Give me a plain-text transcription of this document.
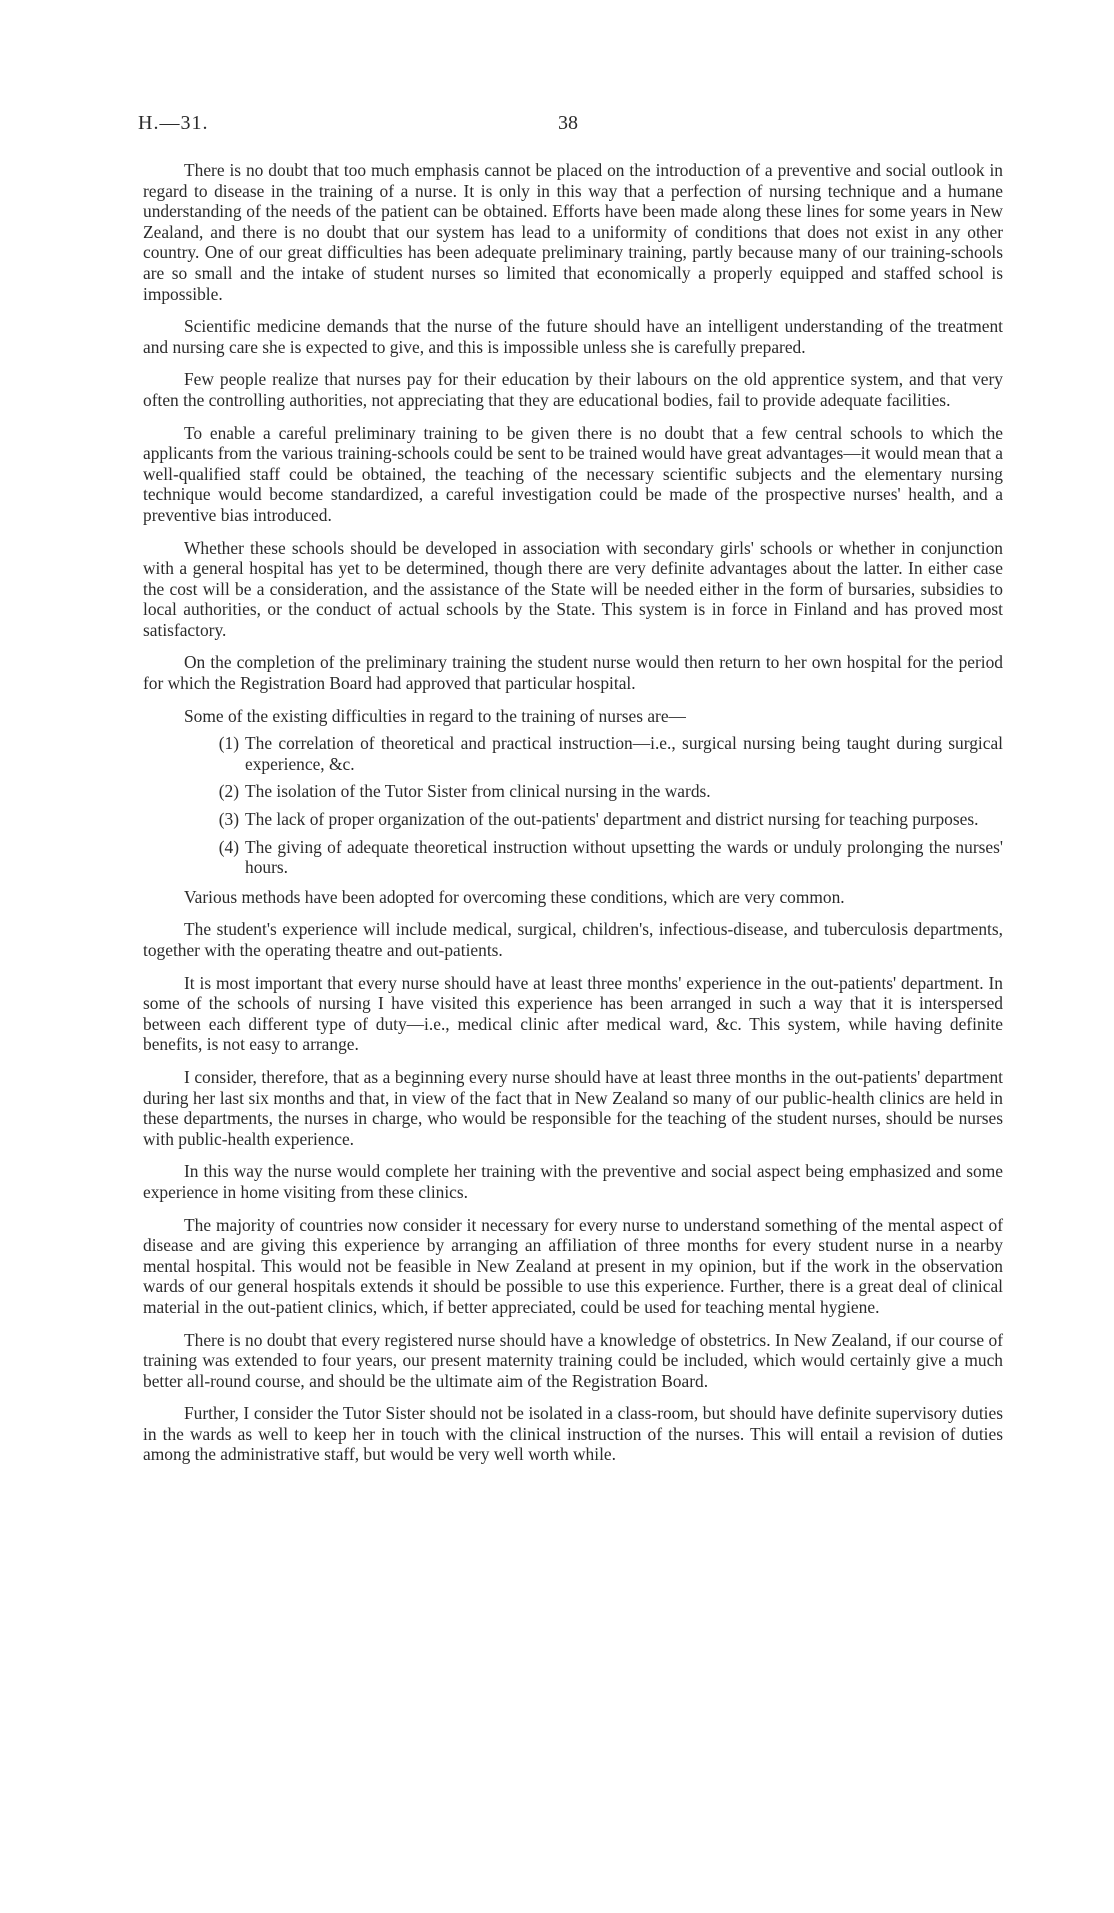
H.—31.	38

There is no doubt that too much emphasis cannot be placed on the introduction of a preventive and social outlook in regard to disease in the training of a nurse. It is only in this way that a perfection of nursing technique and a humane understanding of the needs of the patient can be obtained. Efforts have been made along these lines for some years in New Zealand, and there is no doubt that our system has lead to a uniformity of conditions that does not exist in any other country. One of our great difficulties has been adequate preliminary training, partly because many of our training-schools are so small and the intake of student nurses so limited that economically a properly equipped and staffed school is impossible.

Scientific medicine demands that the nurse of the future should have an intelligent understanding of the treatment and nursing care she is expected to give, and this is impossible unless she is carefully prepared.

Few people realize that nurses pay for their education by their labours on the old apprentice system, and that very often the controlling authorities, not appreciating that they are educational bodies, fail to provide adequate facilities.

To enable a careful preliminary training to be given there is no doubt that a few central schools to which the applicants from the various training-schools could be sent to be trained would have great advantages—it would mean that a well-qualified staff could be obtained, the teaching of the necessary scientific subjects and the elementary nursing technique would become standardized, a careful investigation could be made of the prospective nurses' health, and a preventive bias introduced.

Whether these schools should be developed in association with secondary girls' schools or whether in conjunction with a general hospital has yet to be determined, though there are very definite advantages about the latter. In either case the cost will be a consideration, and the assistance of the State will be needed either in the form of bursaries, subsidies to local authorities, or the conduct of actual schools by the State. This system is in force in Finland and has proved most satisfactory.

On the completion of the preliminary training the student nurse would then return to her own hospital for the period for which the Registration Board had approved that particular hospital.

Some of the existing difficulties in regard to the training of nurses are—

(1) The correlation of theoretical and practical instruction—i.e., surgical nursing being taught during surgical experience, &c.
(2) The isolation of the Tutor Sister from clinical nursing in the wards.
(3) The lack of proper organization of the out-patients' department and district nursing for teaching purposes.
(4) The giving of adequate theoretical instruction without upsetting the wards or unduly prolonging the nurses' hours.

Various methods have been adopted for overcoming these conditions, which are very common.

The student's experience will include medical, surgical, children's, infectious-disease, and tuberculosis departments, together with the operating theatre and out-patients.

It is most important that every nurse should have at least three months' experience in the out-patients' department. In some of the schools of nursing I have visited this experience has been arranged in such a way that it is interspersed between each different type of duty—i.e., medical clinic after medical ward, &c. This system, while having definite benefits, is not easy to arrange.

I consider, therefore, that as a beginning every nurse should have at least three months in the out-patients' department during her last six months and that, in view of the fact that in New Zealand so many of our public-health clinics are held in these departments, the nurses in charge, who would be responsible for the teaching of the student nurses, should be nurses with public-health experience.

In this way the nurse would complete her training with the preventive and social aspect being emphasized and some experience in home visiting from these clinics.

The majority of countries now consider it necessary for every nurse to understand something of the mental aspect of disease and are giving this experience by arranging an affiliation of three months for every student nurse in a nearby mental hospital. This would not be feasible in New Zealand at present in my opinion, but if the work in the observation wards of our general hospitals extends it should be possible to use this experience. Further, there is a great deal of clinical material in the out-patient clinics, which, if better appreciated, could be used for teaching mental hygiene.

There is no doubt that every registered nurse should have a knowledge of obstetrics. In New Zealand, if our course of training was extended to four years, our present maternity training could be included, which would certainly give a much better all-round course, and should be the ultimate aim of the Registration Board.

Further, I consider the Tutor Sister should not be isolated in a class-room, but should have definite supervisory duties in the wards as well to keep her in touch with the clinical instruction of the nurses. This will entail a revision of duties among the administrative staff, but would be very well worth while.
